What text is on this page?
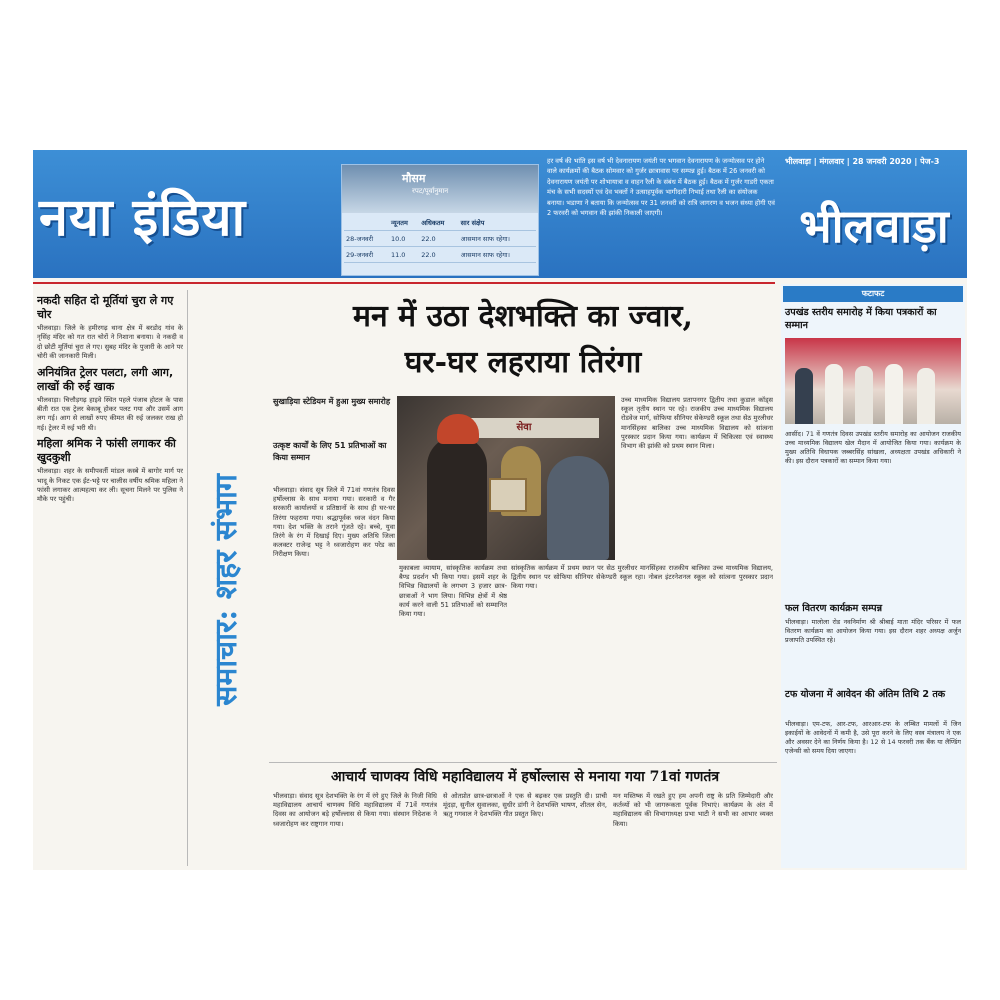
नया इंडिया
मौसम
रपट/पूर्वानुमान
	न्यूनतम	अधिकतम	सार संक्षेप
28-जनवरी	10.0	22.0	आसमान साफ रहेगा।
29-जनवरी	11.0	22.0	आसमान साफ रहेगा।
हर वर्ष की भांति इस वर्ष भी देवनारायण जयंती पर भगवान देवनारायण के जन्मोत्सव पर होने वाले कार्यक्रमों की बैठक सोमवार को गुर्जर छात्रावास पर सम्पन्न हुई। बैठक में 26 जनवरी को देवनारायण जयंती पर शोभायात्रा व वाहन रैली के संबंध में बैठक हुई। बैठक में गुर्जर गाडरी एकता मंच के सभी सदस्यों एवं देव भक्तों ने उत्साहपूर्वक भागीदारी निभाई तथा रैली का संयोजक बनाया। भडाणा ने बताया कि जन्मोत्सव पर 31 जनवरी को रात्रि जागरण व भजन संध्या होगी एवं 2 फरवरी को भगवान की झांकी निकाली जाएगी।
भीलवाड़ा | मंगलवार | 28 जनवरी 2020 | पेज-3
भीलवाड़ा
नकदी सहित दो मूर्तियां चुरा ले गए चोर
भीलवाड़ा। जिले के हमीरगढ़ थाना क्षेत्र में बरडोद गांव के नृसिंह मंदिर को गत रात चोरों ने निशाना बनाया। वे नकदी व दो छोटी मूर्तियां चुरा ले गए। सुबह मंदिर के पुजारी के आने पर चोरी की जानकारी मिली।
अनियंत्रित ट्रेलर पलटा, लगी आग, लाखों की रुई खाक
भीलवाड़ा। चित्तौड़गढ़ हाइवे स्थित पहले पंजाब होटल के पास बीती रात एक ट्रेलर बेकाबू होकर पलट गया और उसमें आग लग गई। आग से लाखों रुपए कीमत की रुई जलकर राख हो गई। ट्रेलर में रुई भरी थी।
महिला श्रमिक ने फांसी लगाकर की खुदकुशी
भीलवाड़ा। शहर के समीपवर्ती मांडल कस्बे में बागोर मार्ग पर भादू के निकट एक ईंट-भट्टे पर चालीस वर्षीय श्रमिक महिला ने फांसी लगाकर आत्महत्या कर ली। सूचना मिलने पर पुलिस ने मौके पर पहुंची।	समाचार: शहर संभाग
मन में उठा देशभक्ति का ज्वार,
घर-घर लहराया तिरंगा
सुखाड़िया स्टेडियम में हुआ मुख्य समारोह
उत्कृष्ट कार्यों के लिए 51 प्रतिभाओं का किया सम्मान
सेवा
भीलवाड़ा। संवाद सूत्र जिले में 71वां गणतंत्र दिवस हर्षोल्लास के साथ मनाया गया। सरकारी व गैर सरकारी कार्यालयों व प्रतिष्ठानों के साथ ही घर-घर तिरंगा फहराया गया। श्रद्धापूर्वक ध्वज वंदन किया गया। देश भक्ति के तराने गूंजते रहे। बच्चे, युवा तिरंगे के रंग में दिखाई दिए। मुख्य अतिथि जिला कलक्टर राजेन्द्र भट्ट ने ध्वजारोहण कर परेड का निरीक्षण किया।
मुकाबला व्यायाम, सांस्कृतिक कार्यक्रम तथा बैण्ड प्रदर्शन भी किया गया। इसमें शहर के विभिन्न विद्यालयों के लगभग 3 हजार छात्र-छात्राओं ने भाग लिया। विभिन्न क्षेत्रों में श्रेष्ठ कार्य करने वाली 51 प्रतिभाओं को सम्मानित किया गया।
उच्च माध्यमिक विद्यालय प्रतापनगर द्वितीय तथा कुडाल कॉड्स स्कूल तृतीय स्थान पर रहे। राजकीय उच्च माध्यमिक विद्यालय रोडवेज मार्ग, सोफिया सीनियर सेकेण्डरी स्कूल तथा सेठ मुरलीधर मानसिंहका बालिका उच्च माध्यमिक विद्यालय को सांत्वना पुरस्कार प्रदान किया गया। कार्यक्रम में चिकित्सा एवं स्वास्थ्य विभाग की झांकी को प्रथम स्थान मिला।
सांस्कृतिक कार्यक्रम में प्रथम स्थान पर सेठ मुरलीधर मानसिंहका राजकीय बालिका उच्च माध्यमिक विद्यालय, द्वितीय स्थान पर सोफिया सीनियर सेकेण्डरी स्कूल रहा। नोबल इंटरनेशनल स्कूल को सांत्वना पुरस्कार प्रदान किया गया।
आचार्य चाणक्य विधि महाविद्यालय में हर्षोल्लास से मनाया गया 71वां गणतंत्र
भीलवाड़ा। संवाद सूत्र देशभक्ति के रंग में रंगे हुए जिले के निजी विधि महाविद्यालय आचार्य चाणक्य विधि महाविद्यालय में 71वें गणतंत्र दिवस का आयोजन बड़े हर्षोल्लास से किया गया। संस्थान निदेशक ने ध्वजारोहण कर राष्ट्रगान गाया।
से ओतप्रोत छात्र-छात्राओं ने एक से बढ़कर एक प्रस्तुति दी। प्राची मूंदड़ा, सुनील सुवालका, सुधीर डांगी ने देशभक्ति भाषण, शीतल सेन, ऋतु गगवाल ने देशभक्ति गीत प्रस्तुत किए।
मन मस्तिष्क में रखते हुए हम अपनी राष्ट्र के प्रति जिम्मेदारी और कर्तव्यों को भी जागरूकता पूर्वक निभाएं। कार्यक्रम के अंत में महाविद्यालय की विभागाध्यक्ष प्रभा भाटी ने सभी का आभार व्यक्त किया।
फटाफट
उपखंड स्तरीय समारोह में किया पत्रकारों का सम्मान
आसींद। 71 वें गणतंत्र दिवस उपखंड स्तरीय समारोह का आयोजन राजकीय उच्च माध्यमिक विद्यालय खेल मैदान में आयोजित किया गया। कार्यक्रम के मुख्य अतिथि विधायक जब्बरसिंह सांखला, अध्यक्षता उपखंड अधिकारी ने की। इस दौरान पत्रकारों का सम्मान किया गया।
फल वितरण कार्यक्रम सम्पन्न
भीलवाड़ा। मालोला रोड नवनिर्माण श्री श्रीबाई माता मंदिर परिसर में फल वितरण कार्यक्रम का आयोजन किया गया। इस दौरान शहर अध्यक्ष अर्जुन प्रजापति उपस्थित रहे।
टफ योजना में आवेदन की अंतिम तिथि 2 तक
भीलवाड़ा। एम-टफ, आर-टफ, आरआर-टफ के लम्बित मामलों में जिन इकाईयों के आवेदनों में कमी है, उसे पूरा करने के लिए वस्त्र मंत्रालय ने एक और अवसर देने का निर्णय किया है। 12 से 14 फरवरी तक बैंक या लैण्डिंग एजेन्सी को समय दिया जाएगा।
